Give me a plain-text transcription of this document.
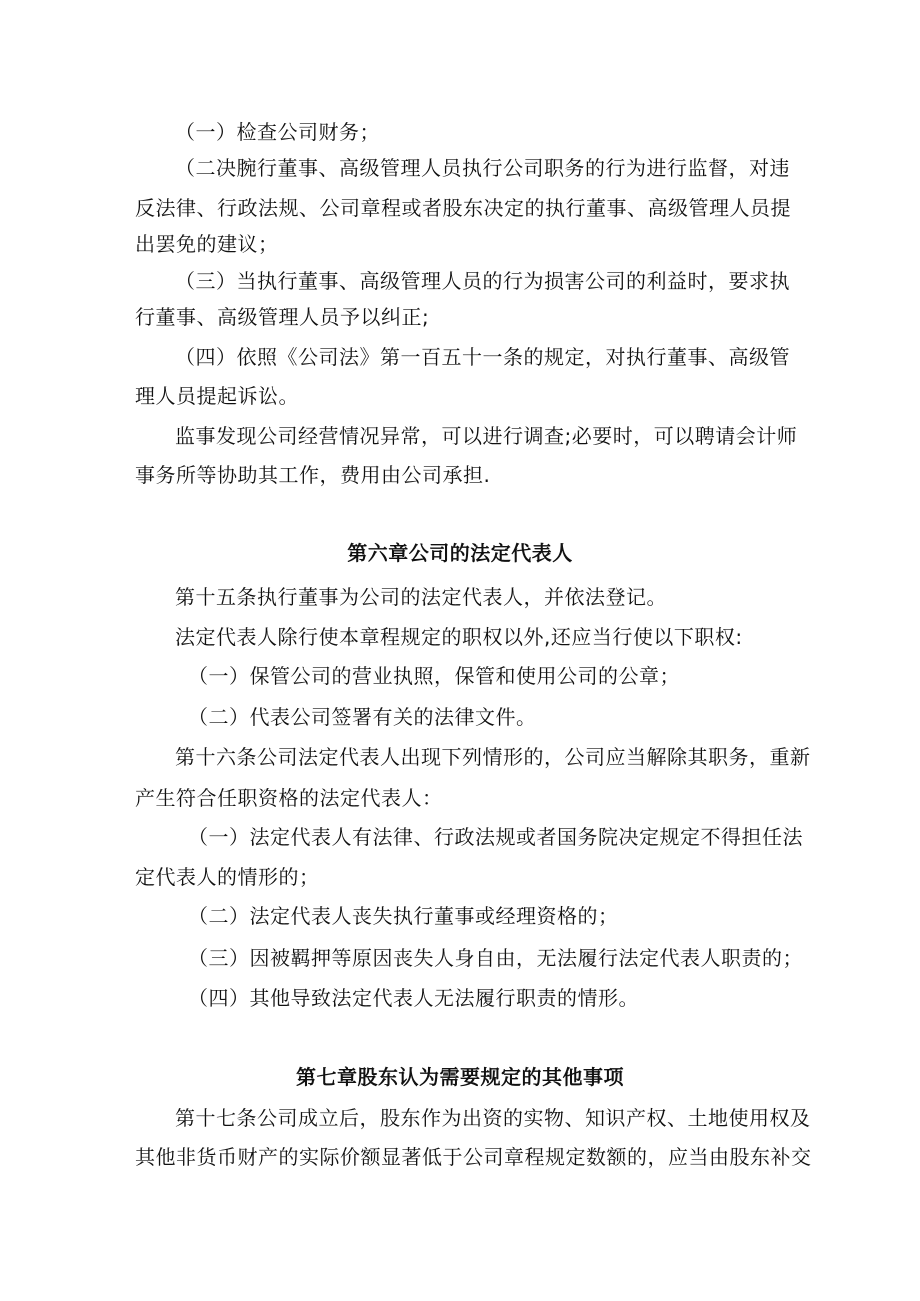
（一）检查公司财务；
（二决腕行董事、高级管理人员执行公司职务的行为进行监督，对违
反法律、行政法规、公司章程或者股东决定的执行董事、高级管理人员提
出罢免的建议；
（三）当执行董事、高级管理人员的行为损害公司的利益时，要求执
行董事、高级管理人员予以纠正;
（四）依照《公司法》第一百五十一条的规定，对执行董事、高级管
理人员提起诉讼。
监事发现公司经营情况异常，可以进行调查;必要时，可以聘请会计师
事务所等协助其工作，费用由公司承担.
第六章公司的法定代表人
第十五条执行董事为公司的法定代表人，并依法登记。
法定代表人除行使本章程规定的职权以外,还应当行使以下职权:
（一）保管公司的营业执照，保管和使用公司的公章；
（二）代表公司签署有关的法律文件。
第十六条公司法定代表人出现下列情形的，公司应当解除其职务，重新
产生符合任职资格的法定代表人：
（一）法定代表人有法律、行政法规或者国务院决定规定不得担任法
定代表人的情形的；
（二）法定代表人丧失执行董事或经理资格的；
（三）因被羁押等原因丧失人身自由，无法履行法定代表人职责的；
（四）其他导致法定代表人无法履行职责的情形。
第七章股东认为需要规定的其他事项
第十七条公司成立后，股东作为出资的实物、知识产权、土地使用权及
其他非货币财产的实际价额显著低于公司章程规定数额的，应当由股东补交
